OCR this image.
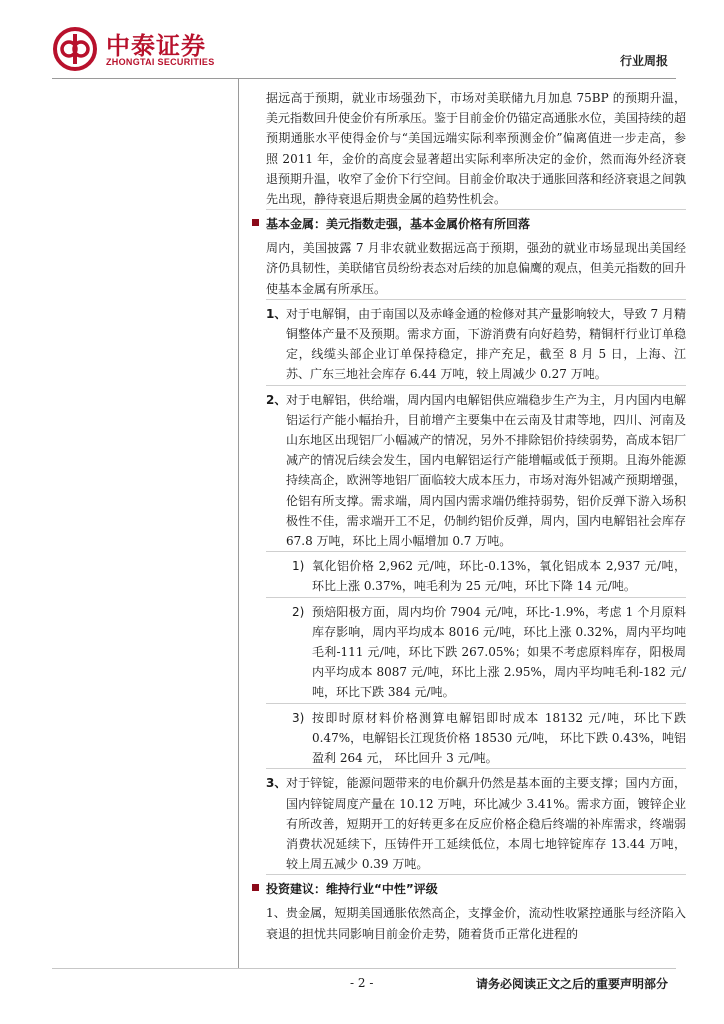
中泰证券
ZHONGTAI SECURITIES	行业周报
据远高于预期，就业市场强劲下，市场对美联储九月加息 75BP 的预期升温，美元指数回升使金价有所承压。鉴于目前金价仍锚定高通胀水位，美国持续的超预期通胀水平使得金价与“美国远端实际利率预测金价”偏离值进一步走高，参照 2011 年，金价的高度会显著超出实际利率所决定的金价，然而海外经济衰退预期升温，收窄了金价下行空间。目前金价取决于通胀回落和经济衰退之间孰先出现，静待衰退后期贵金属的趋势性机会。
基本金属：美元指数走强，基本金属价格有所回落
周内，美国披露 7 月非农就业数据远高于预期，强劲的就业市场显现出美国经济仍具韧性，美联储官员纷纷表态对后续的加息偏鹰的观点，但美元指数的回升使基本金属有所承压。
1、 对于电解铜，由于南国以及赤峰金通的检修对其产量影响较大，导致 7 月精铜整体产量不及预期。需求方面，下游消费有向好趋势，精铜杆行业订单稳定，线缆头部企业订单保持稳定，排产充足，截至 8 月 5 日，上海、江苏、广东三地社会库存 6.44 万吨，较上周减少 0.27 万吨。
2、 对于电解铝，供给端，周内国内电解铝供应端稳步生产为主，月内国内电解铝运行产能小幅抬升，目前增产主要集中在云南及甘肃等地，四川、河南及山东地区出现铝厂小幅减产的情况，另外不排除铝价持续弱势，高成本铝厂减产的情况后续会发生，国内电解铝运行产能增幅或低于预期。且海外能源持续高企，欧洲等地铝厂面临较大成本压力，市场对海外铝减产预期增强，伦铝有所支撑。需求端，周内国内需求端仍维持弱势，铝价反弹下游入场积极性不佳，需求端开工不足，仍制约铝价反弹，周内，国内电解铝社会库存 67.8 万吨，环比上周小幅增加 0.7 万吨。
1) 氧化铝价格 2,962 元/吨，环比-0.13%，氧化铝成本 2,937 元/吨，环比上涨 0.37%，吨毛利为 25 元/吨，环比下降 14 元/吨。
2) 预焙阳极方面，周内均价 7904 元/吨，环比-1.9%，考虑 1 个月原料库存影响，周内平均成本 8016 元/吨，环比上涨 0.32%，周内平均吨毛利-111 元/吨，环比下跌 267.05%；如果不考虑原料库存，阳极周内平均成本 8087 元/吨，环比上涨 2.95%，周内平均吨毛利-182 元/吨，环比下跌 384 元/吨。
3) 按即时原材料价格测算电解铝即时成本 18132 元/吨，环比下跌 0.47%，电解铝长江现货价格 18530 元/吨， 环比下跌 0.43%，吨铝盈利 264 元， 环比回升 3 元/吨。
3、 对于锌锭，能源问题带来的电价飙升仍然是基本面的主要支撑；国内方面，国内锌锭周度产量在 10.12 万吨，环比减少 3.41%。需求方面，镀锌企业有所改善，短期开工的好转更多在反应价格企稳后终端的补库需求，终端弱消费状况延续下，压铸件开工延续低位，本周七地锌锭库存 13.44 万吨，较上周五减少 0.39 万吨。
投资建议：维持行业“中性”评级
1、贵金属，短期美国通胀依然高企，支撑金价，流动性收紧控通胀与经济陷入衰退的担忧共同影响目前金价走势，随着货币正常化进程的
- 2 -	请务必阅读正文之后的重要声明部分
